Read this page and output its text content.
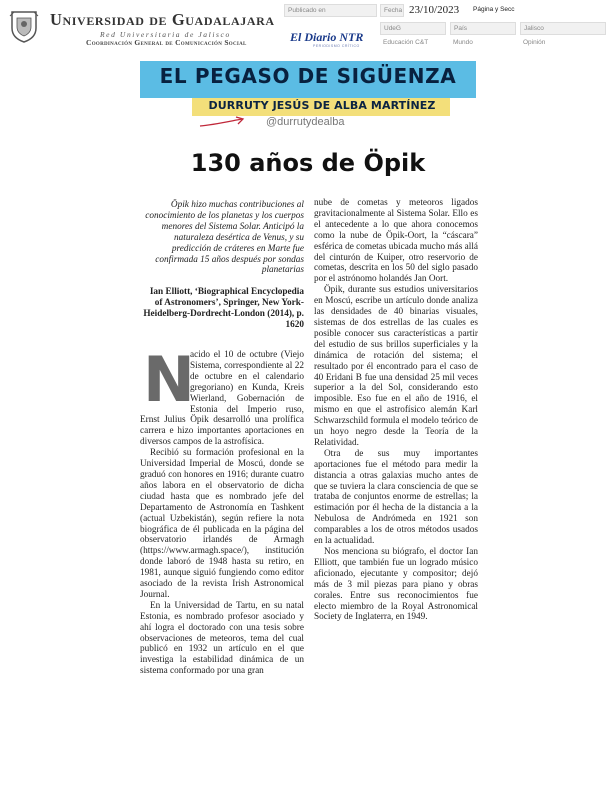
Universidad de Guadalajara
Red Universitaria de Jalisco
Coordinación General de Comunicación Social
Publicado en	Fecha 23/10/2023	Página y Secc
UdeG	País	Jalisco
Educación C&T	Mundo	Opinión
El Diario NTR
PERIODISMO CRÍTICO
EL PEGASO DE SIGÜENZA
DURRUTY JESÚS DE ALBA MARTÍNEZ
@durrutydealba
130 años de Öpik
Öpik hizo muchas contribuciones al conocimiento de los planetas y los cuerpos menores del Sistema Solar. Anticipó la naturaleza desértica de Venus, y su predicción de cráteres en Marte fue confirmada 15 años después por sondas planetarias
Ian Elliott, ‘Biographical Encyclopedia of Astronomers’, Springer, New York-Heidelberg-Dordrecht-London (2014), p. 1620
N

acido el 10 de octubre (Viejo Sistema, correspondiente al 22 de octubre en el calendario gregoriano) en Kunda, Kreis Wierland, Gobernación de Estonia del Imperio ruso, Ernst Julius Öpik desarrolló una prolífica carrera e hizo importantes aportaciones en diversos campos de la astrofísica.

Recibió su formación profesional en la Universidad Imperial de Moscú, donde se graduó con honores en 1916; durante cuatro años labora en el observatorio de dicha ciudad hasta que es nombrado jefe del Departamento de Astronomía en Tashkent (actual Uzbekistán), según refiere la nota biográfica de él publicada en la página del observatorio irlandés de Armagh (https://www.armagh.space/), institución donde laboró de 1948 hasta su retiro, en 1981, aunque siguió fungiendo como editor asociado de la revista Irish Astronomical Journal.

En la Universidad de Tartu, en su natal Estonia, es nombrado profesor asociado y ahí logra el doctorado con una tesis sobre observaciones de meteoros, tema del cual publicó en 1932 un artículo en el que investiga la estabilidad dinámica de un sistema conformado por una gran

nube de cometas y meteoros ligados gravitacionalmente al Sistema Solar. Ello es el antecedente a lo que ahora conocemos como la nube de Öpik-Oort, la “cáscara” esférica de cometas ubicada mucho más allá del cinturón de Kuiper, otro reservorio de cometas, descrita en los 50 del siglo pasado por el astrónomo holandés Jan Oort.

Öpik, durante sus estudios universitarios en Moscú, escribe un artículo donde analiza las densidades de 40 binarias visuales, sistemas de dos estrellas de las cuales es posible conocer sus características a partir del estudio de sus brillos superficiales y la dinámica de rotación del sistema; el resultado por él encontrado para el caso de 40 Eridani B fue una densidad 25 mil veces superior a la del Sol, considerando esto imposible. Eso fue en el año de 1916, el mismo en que el astrofísico alemán Karl Schwarzschild formula el modelo teórico de un hoyo negro desde la Teoría de la Relatividad.

Otra de sus muy importantes aportaciones fue el método para medir la distancia a otras galaxias mucho antes de que se tuviera la clara consciencia de que se trataba de conjuntos enorme de estrellas; la estimación por él hecha de la distancia a la Nebulosa de Andrómeda en 1921 son comparables a los de otros métodos usados en la actualidad.

Nos menciona su biógrafo, el doctor Ian Elliott, que también fue un logrado músico aficionado, ejecutante y compositor; dejó más de 3 mil piezas para piano y obras corales. Entre sus reconocimientos fue electo miembro de la Royal Astronomical Society de Inglaterra, en 1949.
